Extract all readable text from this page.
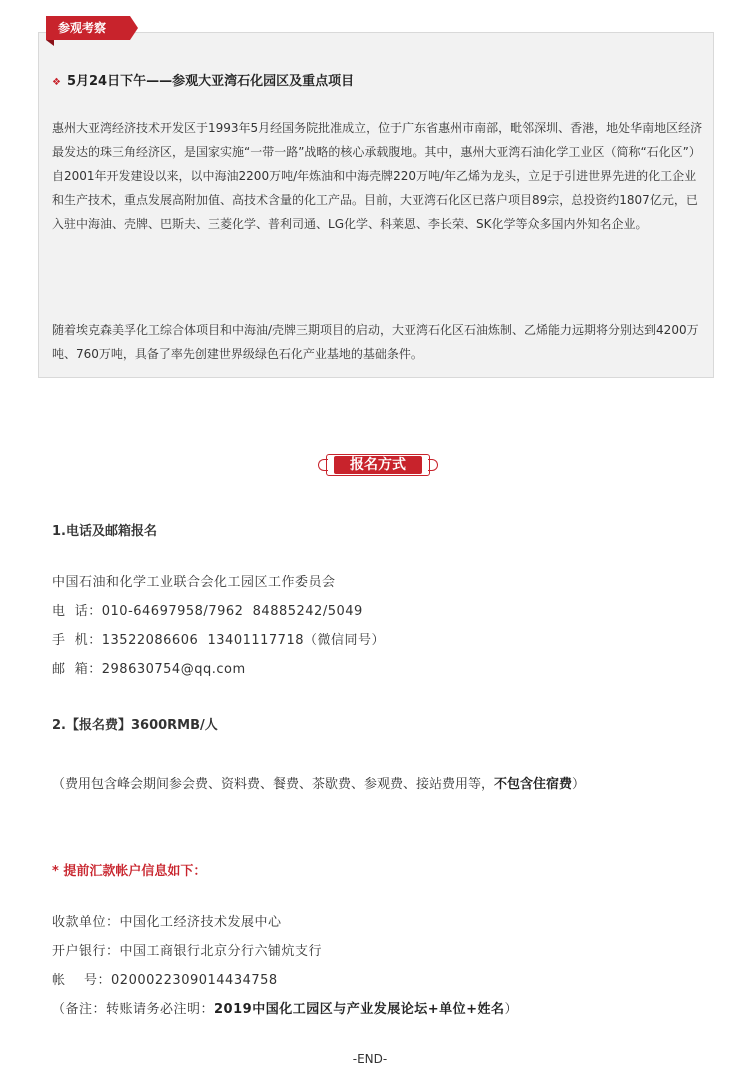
参观考察
❖ 5月24日下午——参观大亚湾石化园区及重点项目

惠州大亚湾经济技术开发区于1993年5月经国务院批准成立，位于广东省惠州市南部，毗邻深圳、香港，地处华南地区经济最发达的珠三角经济区，是国家实施“一带一路”战略的核心承载腹地。其中，惠州大亚湾石油化学工业区（简称“石化区”）自2001年开发建设以来，以中海油2200万吨/年炼油和中海壳牌220万吨/年乙烯为龙头，立足于引进世界先进的化工企业和生产技术，重点发展高附加值、高技术含量的化工产品。目前，大亚湾石化区已落户项目89宗，总投资约1807亿元，已入驻中海油、壳牌、巴斯夫、三菱化学、普利司通、LG化学、科莱恩、李长荣、SK化学等众多国内外知名企业。

随着埃克森美孚化工综合体项目和中海油/壳牌三期项目的启动，大亚湾石化区石油炼制、乙烯能力远期将分别达到4200万吨、760万吨，具备了率先创建世界级绿色石化产业基地的基础条件。

报名方式
1.电话及邮箱报名
中国石油和化学工业联合会化工园区工作委员会
电  话：010-64697958/7962  84885242/5049
手  机：13522086606  13401117718（微信同号）
邮  箱：298630754@qq.com
2.【报名费】3600RMB/人
（费用包含峰会期间参会费、资料费、餐费、茶歇费、参观费、接站费用等，不包含住宿费）
* 提前汇款帐户信息如下：
收款单位：中国化工经济技术发展中心
开户银行：中国工商银行北京分行六铺炕支行
帐    号：0200022309014434758
（备注：转账请务必注明：2019中国化工园区与产业发展论坛+单位+姓名）
-END-
